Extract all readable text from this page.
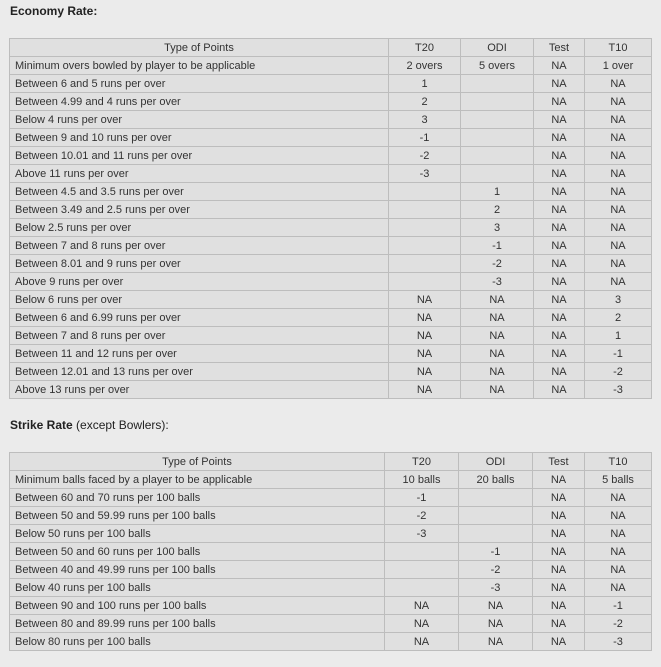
Economy Rate:
Type of Points	T20	ODI	Test	T10
Minimum overs bowled by player to be applicable	2 overs	5 overs	NA	1 over
Between 6 and 5 runs per over	1		NA	NA
Between 4.99 and 4 runs per over	2		NA	NA
Below 4 runs per over	3		NA	NA
Between 9 and 10 runs per over	-1		NA	NA
Between 10.01 and 11 runs per over	-2		NA	NA
Above 11 runs per over	-3		NA	NA
Between 4.5 and 3.5 runs per over		1	NA	NA
Between 3.49 and 2.5 runs per over		2	NA	NA
Below 2.5 runs per over		3	NA	NA
Between 7 and 8 runs per over		-1	NA	NA
Between 8.01 and 9 runs per over		-2	NA	NA
Above 9 runs per over		-3	NA	NA
Below 6 runs per over	NA	NA	NA	3
Between 6 and 6.99 runs per over	NA	NA	NA	2
Between 7 and 8 runs per over	NA	NA	NA	1
Between 11 and 12 runs per over	NA	NA	NA	-1
Between 12.01 and 13 runs per over	NA	NA	NA	-2
Above 13 runs per over	NA	NA	NA	-3
Strike Rate (except Bowlers):
Type of Points	T20	ODI	Test	T10
Minimum balls faced by a player to be applicable	10 balls	20 balls	NA	5 balls
Between 60 and 70 runs per 100 balls	-1		NA	NA
Between 50 and 59.99 runs per 100 balls	-2		NA	NA
Below 50 runs per 100 balls	-3		NA	NA
Between 50 and 60 runs per 100 balls		-1	NA	NA
Between 40 and 49.99 runs per 100 balls		-2	NA	NA
Below 40 runs per 100 balls		-3	NA	NA
Between 90 and 100 runs per 100 balls	NA	NA	NA	-1
Between 80 and 89.99 runs per 100 balls	NA	NA	NA	-2
Below 80 runs per 100 balls	NA	NA	NA	-3
